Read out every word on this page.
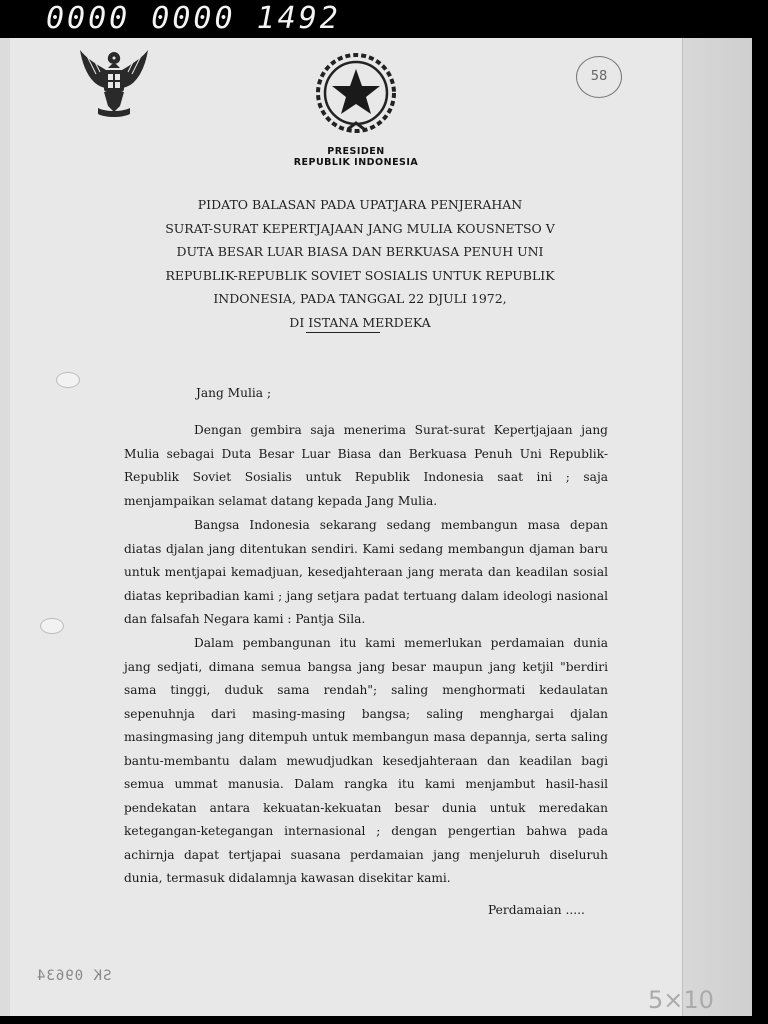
0000 0000 1492
58
PRESIDEN
REPUBLIK INDONESIA
PIDATO BALASAN PADA UPATJARA PENJERAHAN
SURAT-SURAT KEPERTJAJAAN JANG MULIA KOUSNETSO V
DUTA BESAR LUAR BIASA DAN BERKUASA PENUH UNI
REPUBLIK-REPUBLIK SOVIET SOSIALIS UNTUK REPUBLIK
INDONESIA, PADA TANGGAL 22 DJULI 1972,
DI ISTANA MERDEKA
Jang Mulia ;

Dengan gembira saja menerima Surat-surat Kepertjajaan jang Mulia sebagai Duta Besar Luar Biasa dan Berkuasa Penuh Uni Republik-Republik Soviet Sosialis untuk Republik Indonesia saat ini ; saja menjampaikan selamat datang kepada Jang Mulia.

Bangsa Indonesia sekarang sedang membangun masa depan diatas djalan jang ditentukan sendiri. Kami sedang membangun djaman baru untuk mentjapai kemadjuan, kesedjahteraan jang merata dan keadilan sosial diatas kepribadian kami ; jang setjara padat tertuang dalam ideologi nasional dan falsafah Negara kami : Pantja Sila.

Dalam pembangunan itu kami memerlukan perdamaian dunia jang sedjati, dimana semua bangsa jang besar maupun jang ketjil "berdiri sama tinggi, duduk sama rendah"; saling menghormati kedaulatan sepenuhnja dari masing-masing bangsa; saling menghargai djalan masingmasing jang ditempuh untuk membangun masa depannja, serta saling bantu-membantu dalam mewudjudkan kesedjahteraan dan keadilan bagi semua ummat manusia. Dalam rangka itu kami menjambut hasil-hasil pendekatan antara kekuatan-kekuatan besar dunia untuk meredakan ketegangan-ketegangan internasional ; dengan pengertian bahwa pada achirnja dapat tertjapai suasana perdamaian jang menjeluruh diseluruh dunia, termasuk didalamnja kawasan disekitar kami.

Perdamaian .....
SK 09634
5×10
